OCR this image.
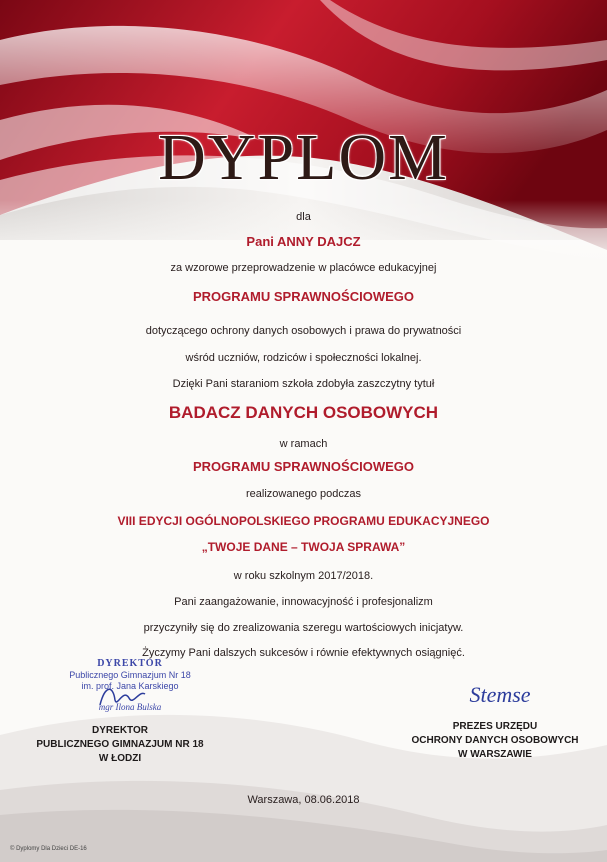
DYPLOM
dla
Pani ANNY DAJCZ
za wzorowe przeprowadzenie w placówce edukacyjnej
PROGRAMU SPRAWNOŚCIOWEGO
dotyczącego ochrony danych osobowych i prawa do prywatności
wśród uczniów, rodziców i społeczności lokalnej.
Dzięki Pani staraniom szkoła zdobyła zaszczytny tytuł
BADACZ DANYCH OSOBOWYCH
w ramach
PROGRAMU SPRAWNOŚCIOWEGO
realizowanego podczas
VIII EDYCJI OGÓLNOPOLSKIEGO PROGRAMU EDUKACYJNEGO
„TWOJE DANE – TWOJA SPRAWA”
w roku szkolnym 2017/2018.
Pani zaangażowanie, innowacyjność i profesjonalizm
przyczyniły się do zrealizowania szeregu wartościowych inicjatyw.
Życzymy Pani dalszych sukcesów i równie efektywnych osiągnięć.
DYREKTOR
Publicznego Gimnazjum Nr 18
im. prof. Jana Karskiego
mgr Ilona Bulska
DYREKTOR
PUBLICZNEGO GIMNAZJUM NR 18
W ŁODZI
Stemse
PREZES URZĘDU
OCHRONY DANYCH OSOBOWYCH
W WARSZAWIE
Warszawa, 08.06.2018
© Dyplomy Dla Dzieci DE-16
